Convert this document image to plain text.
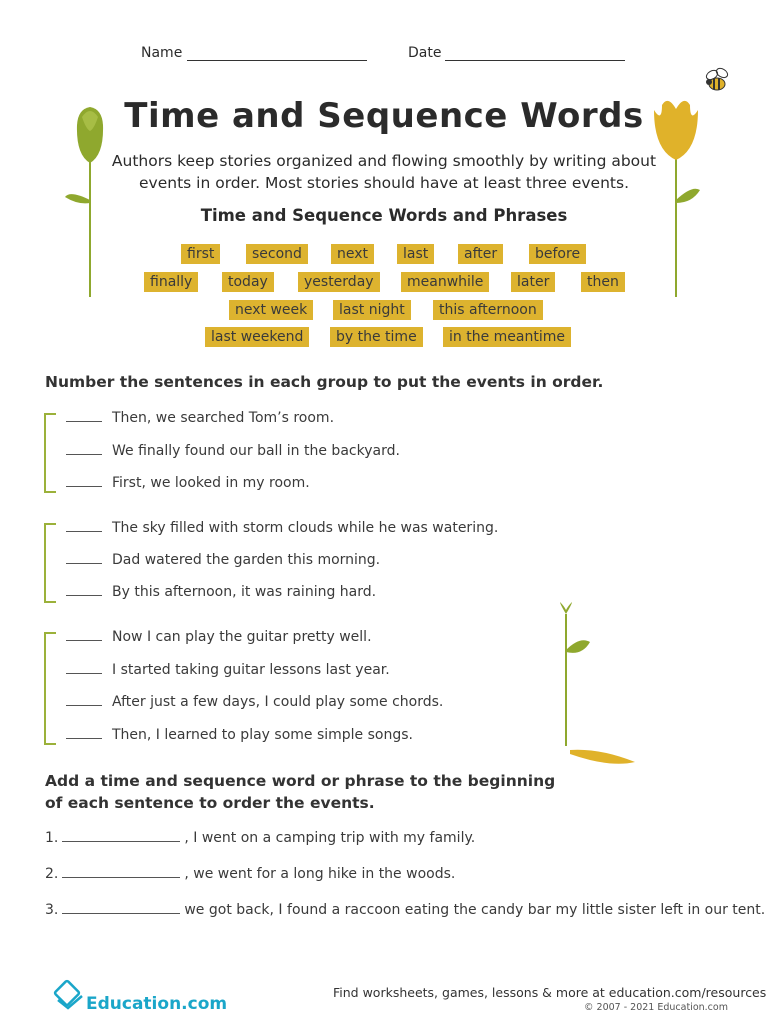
Name	Date
Time and Sequence Words
Authors keep stories organized and flowing smoothly by writing about events in order. Most stories should have at least three events.
Time and Sequence Words and Phrases
first	second	next	last	after	before
finally	today	yesterday	meanwhile	later	then
next week	last night	this afternoon
last weekend	by the time	in the meantime
Number the sentences in each group to put the events in order.
Then, we searched Tom’s room.
We finally found our ball in the backyard.
First, we looked in my room.
The sky filled with storm clouds while he was watering.
Dad watered the garden this morning.
By this afternoon, it was raining hard.
Now I can play the guitar pretty well.
I started taking guitar lessons last year.
After just a few days, I could play some chords.
Then, I learned to play some simple songs.
Add a time and sequence word or phrase to the beginning
of each sentence to order the events.
1.	, I went on a camping trip with my family.
2.	, we went for a long hike in the woods.
3.	we got back, I found a raccoon eating the candy bar my little sister left in our tent.
Education.com
Find worksheets, games, lessons & more at education.com/resources
© 2007 - 2021 Education.com
